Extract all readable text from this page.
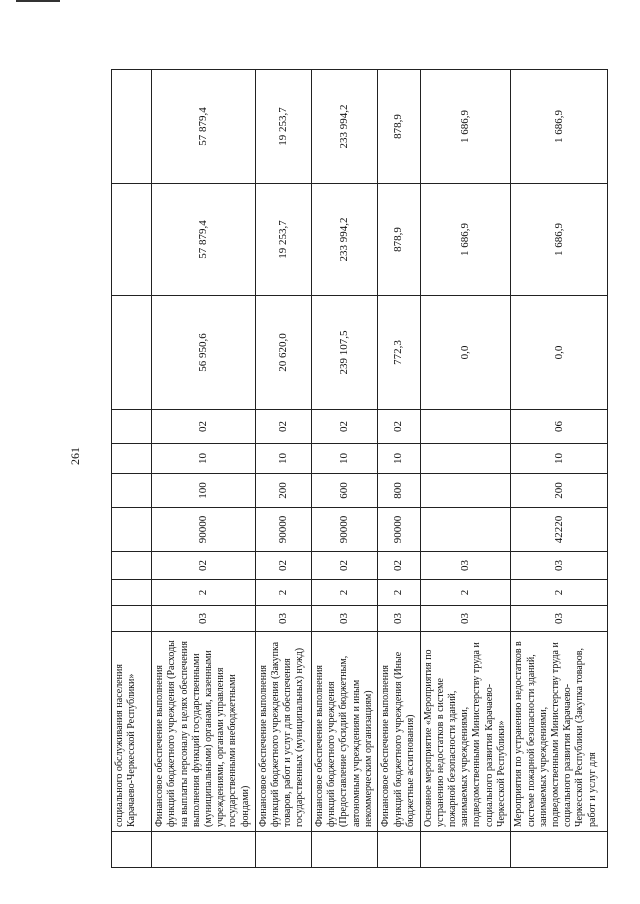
261
	социального обслуживания населения Карачаево-Черкесской Республики»										
	Финансовое обеспечение выполнения функций бюджетного учреждения (Расходы на выплаты персоналу в целях обеспечения выполнения функций государственными (муниципальными) органами, казенными учреждениями, органами управления государственными внебюджетными фондами)	03	2	02	90000	100	10	02	56 950,6	57 879,4	57 879,4
	Финансовое обеспечение выполнения функций бюджетного учреждения (Закупка товаров, работ и услуг для обеспечения государственных (муниципальных) нужд)	03	2	02	90000	200	10	02	20 620,0	19 253,7	19 253,7
	Финансовое обеспечение выполнения функций бюджетного учреждения (Предоставление субсидий бюджетным, автономным учреждениям и иным некоммерческим организациям)	03	2	02	90000	600	10	02	239 107,5	233 994,2	233 994,2
	Финансовое обеспечение выполнения функций бюджетного учреждения (Иные бюджетные ассигнования)	03	2	02	90000	800	10	02	772,3	878,9	878,9
	Основное мероприятие «Мероприятия по устранению недостатков в системе пожарной безопасности зданий, занимаемых учреждениями, подведомственными Министерству труда и социального развития Карачаево-Черкесской Республики»	03	2	03					0,0	1 686,9	1 686,9
	Мероприятия по устранению недостатков в системе пожарной безопасности зданий, занимаемых учреждениями, подведомственными Министерству труда и социального развития Карачаево-Черкесской Республики (Закупка товаров, работ и услуг для	03	2	03	42220	200	10	06	0,0	1 686,9	1 686,9
